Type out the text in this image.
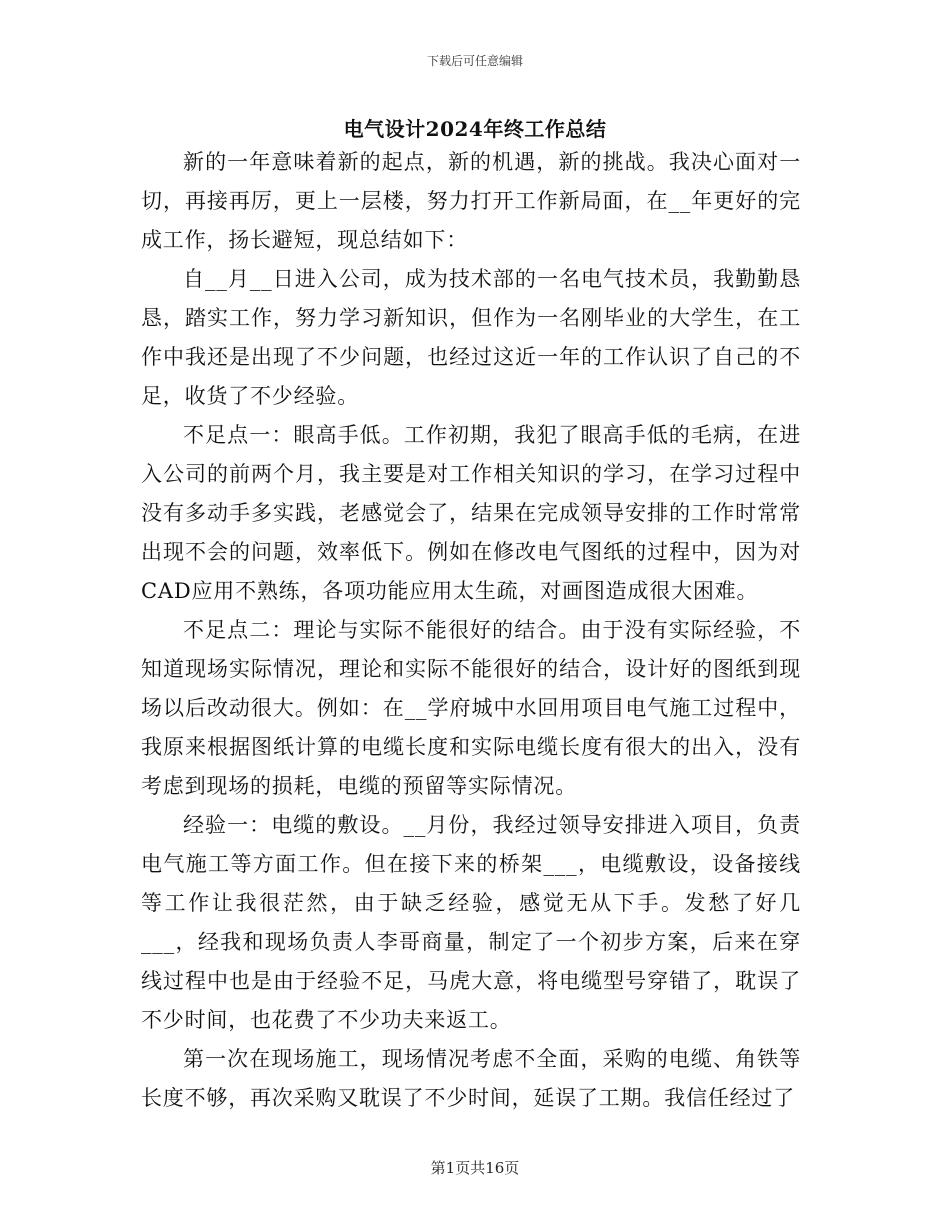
下载后可任意编辑
电气设计2024年终工作总结

新的一年意味着新的起点，新的机遇，新的挑战。我决心面对一切，再接再厉，更上一层楼，努力打开工作新局面，在__年更好的完成工作，扬长避短，现总结如下：

自__月__日进入公司，成为技术部的一名电气技术员，我勤勤恳恳，踏实工作，努力学习新知识，但作为一名刚毕业的大学生，在工作中我还是出现了不少问题，也经过这近一年的工作认识了自己的不足，收货了不少经验。

不足点一：眼高手低。工作初期，我犯了眼高手低的毛病，在进入公司的前两个月，我主要是对工作相关知识的学习，在学习过程中没有多动手多实践，老感觉会了，结果在完成领导安排的工作时常常出现不会的问题，效率低下。例如在修改电气图纸的过程中，因为对CAD应用不熟练，各项功能应用太生疏，对画图造成很大困难。

不足点二：理论与实际不能很好的结合。由于没有实际经验，不知道现场实际情况，理论和实际不能很好的结合，设计好的图纸到现场以后改动很大。例如：在__学府城中水回用项目电气施工过程中，我原来根据图纸计算的电缆长度和实际电缆长度有很大的出入，没有考虑到现场的损耗，电缆的预留等实际情况。

经验一：电缆的敷设。__月份，我经过领导安排进入项目，负责电气施工等方面工作。但在接下来的桥架___，电缆敷设，设备接线等工作让我很茫然，由于缺乏经验，感觉无从下手。发愁了好几___，经我和现场负责人李哥商量，制定了一个初步方案，后来在穿线过程中也是由于经验不足，马虎大意，将电缆型号穿错了，耽误了不少时间，也花费了不少功夫来返工。

第一次在现场施工，现场情况考虑不全面，采购的电缆、角铁等长度不够，再次采购又耽误了不少时间，延误了工期。我信任经过了

第1页共16页
